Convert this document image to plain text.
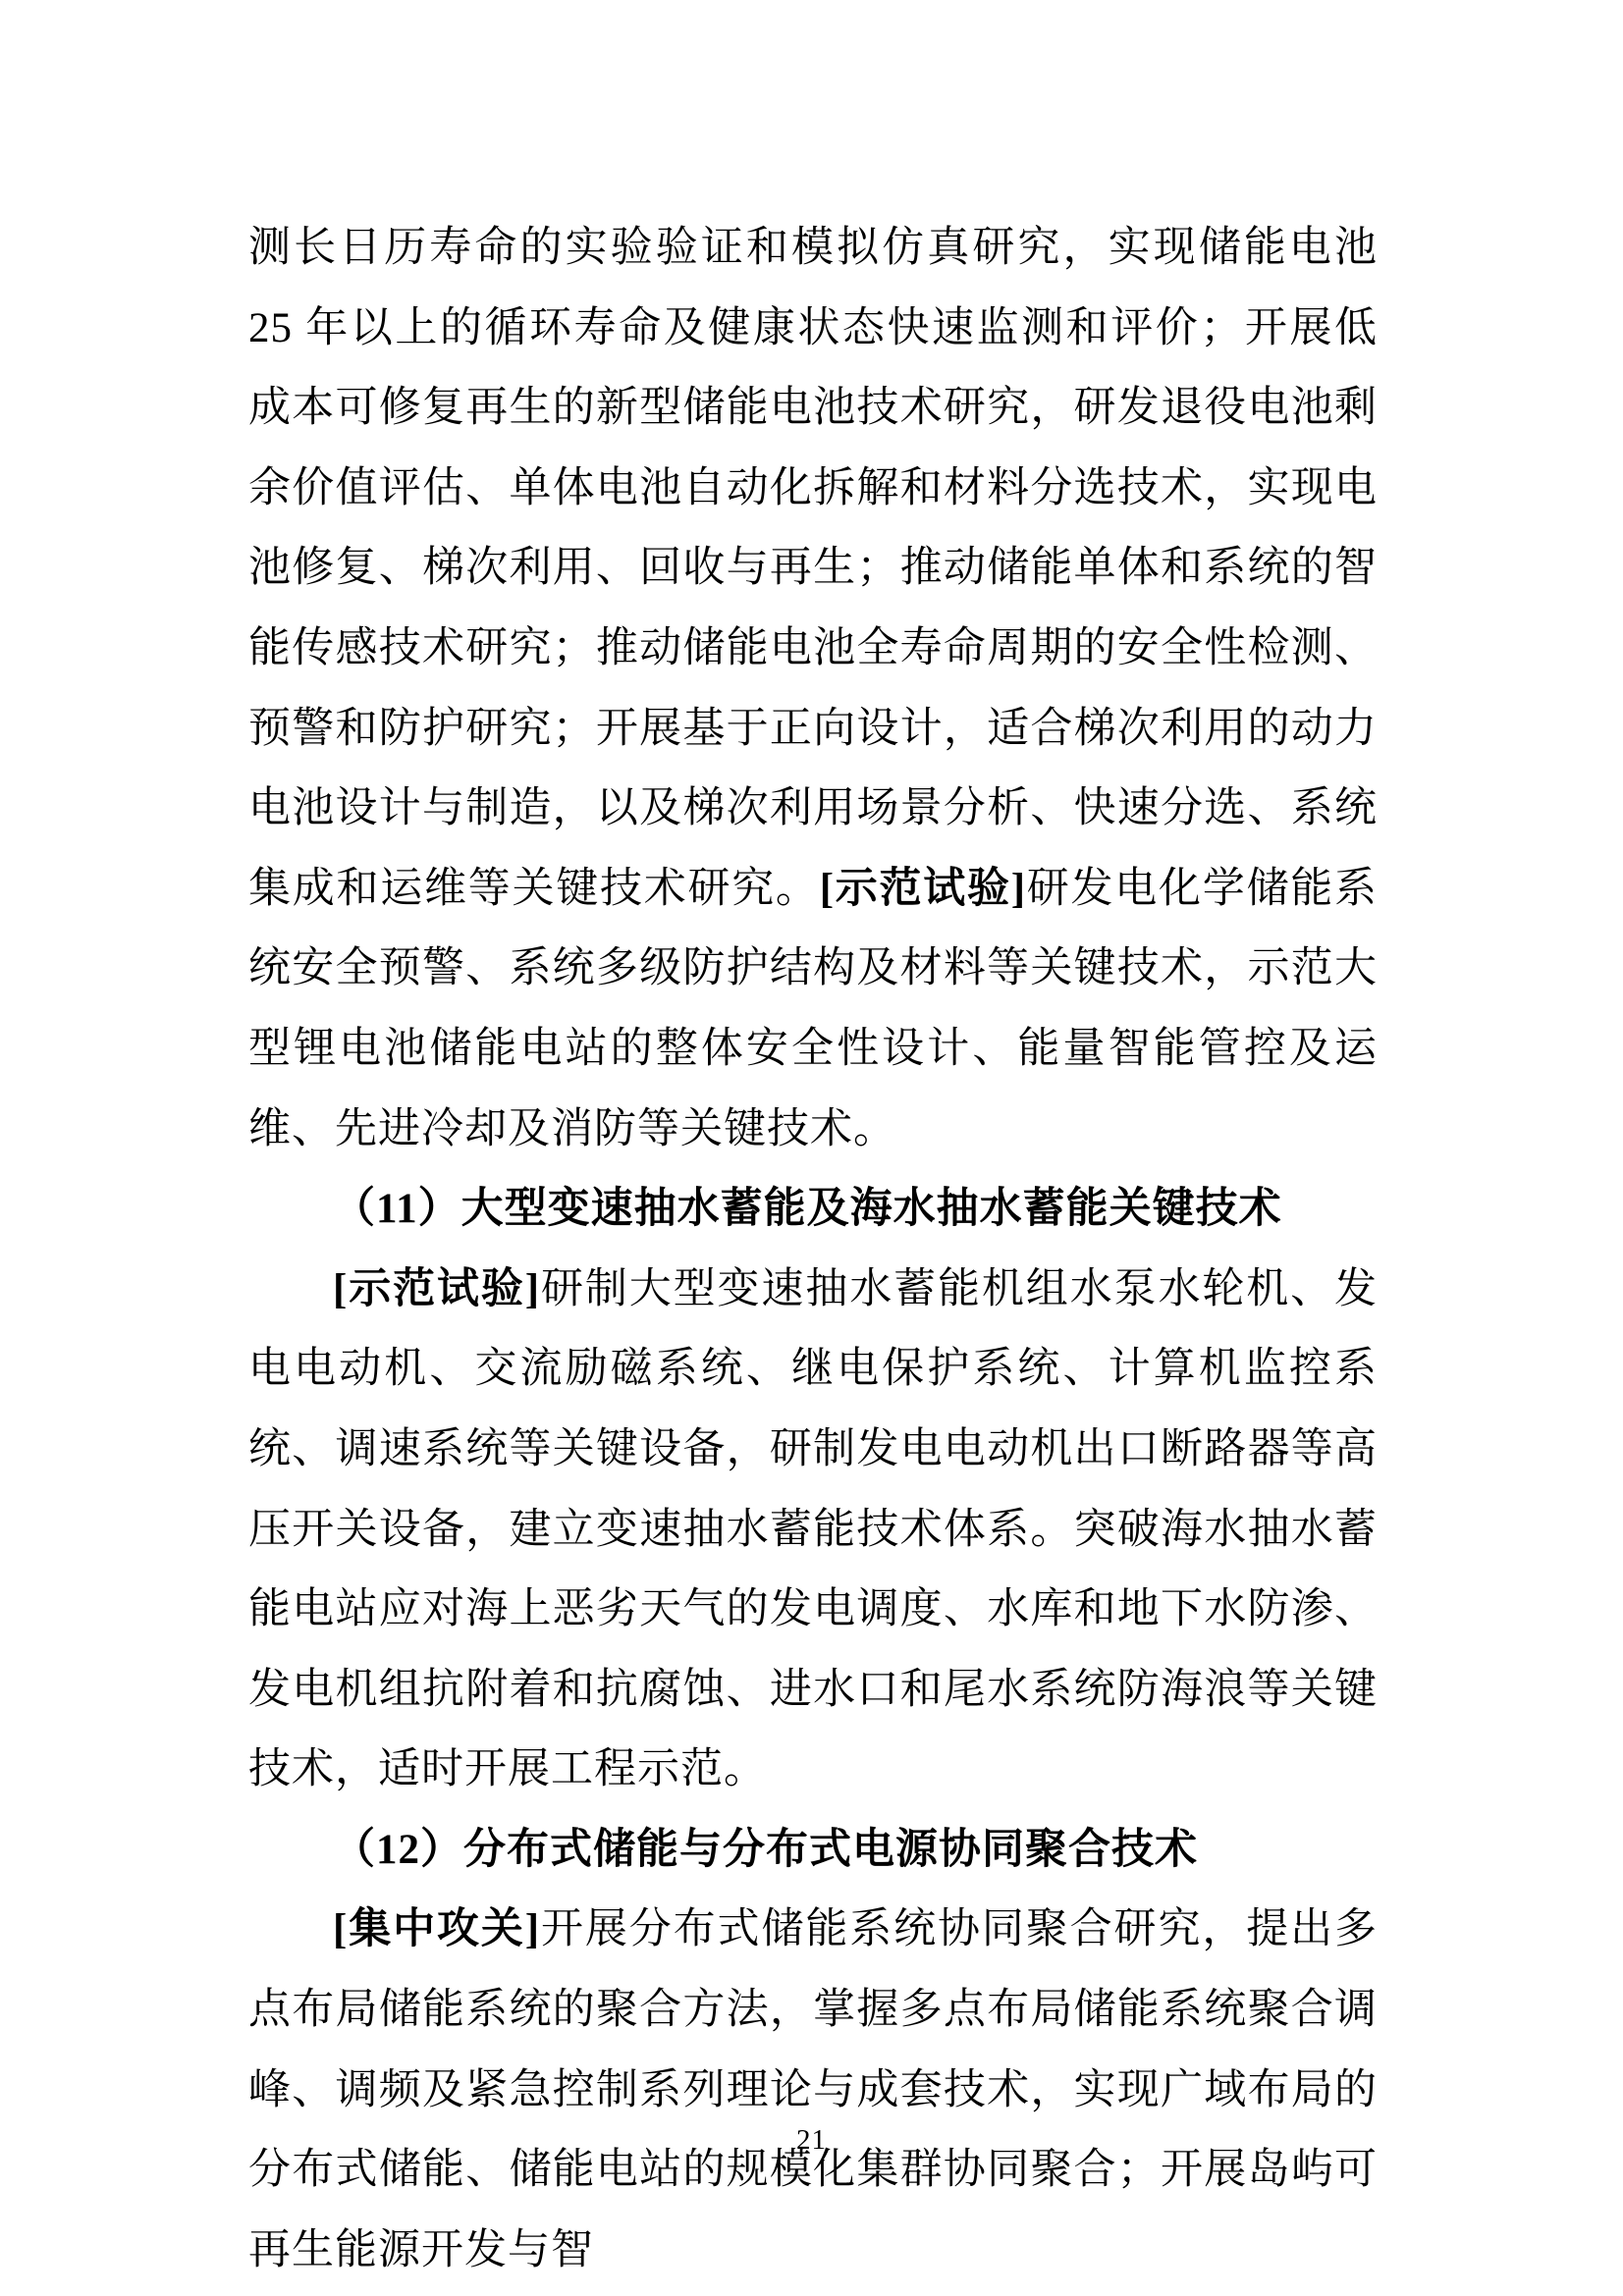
测长日历寿命的实验验证和模拟仿真研究，实现储能电池 25 年以上的循环寿命及健康状态快速监测和评价；开展低成本可修复再生的新型储能电池技术研究，研发退役电池剩余价值评估、单体电池自动化拆解和材料分选技术，实现电池修复、梯次利用、回收与再生；推动储能单体和系统的智能传感技术研究；推动储能电池全寿命周期的安全性检测、预警和防护研究；开展基于正向设计，适合梯次利用的动力电池设计与制造，以及梯次利用场景分析、快速分选、系统集成和运维等关键技术研究。[示范试验]研发电化学储能系统安全预警、系统多级防护结构及材料等关键技术，示范大型锂电池储能电站的整体安全性设计、能量智能管控及运维、先进冷却及消防等关键技术。

（11）大型变速抽水蓄能及海水抽水蓄能关键技术

[示范试验]研制大型变速抽水蓄能机组水泵水轮机、发电电动机、交流励磁系统、继电保护系统、计算机监控系统、调速系统等关键设备，研制发电电动机出口断路器等高压开关设备，建立变速抽水蓄能技术体系。突破海水抽水蓄能电站应对海上恶劣天气的发电调度、水库和地下水防渗、发电机组抗附着和抗腐蚀、进水口和尾水系统防海浪等关键技术，适时开展工程示范。

（12）分布式储能与分布式电源协同聚合技术

[集中攻关]开展分布式储能系统协同聚合研究，提出多点布局储能系统的聚合方法，掌握多点布局储能系统聚合调峰、调频及紧急控制系列理论与成套技术，实现广域布局的分布式储能、储能电站的规模化集群协同聚合；开展岛屿可再生能源开发与智

21
